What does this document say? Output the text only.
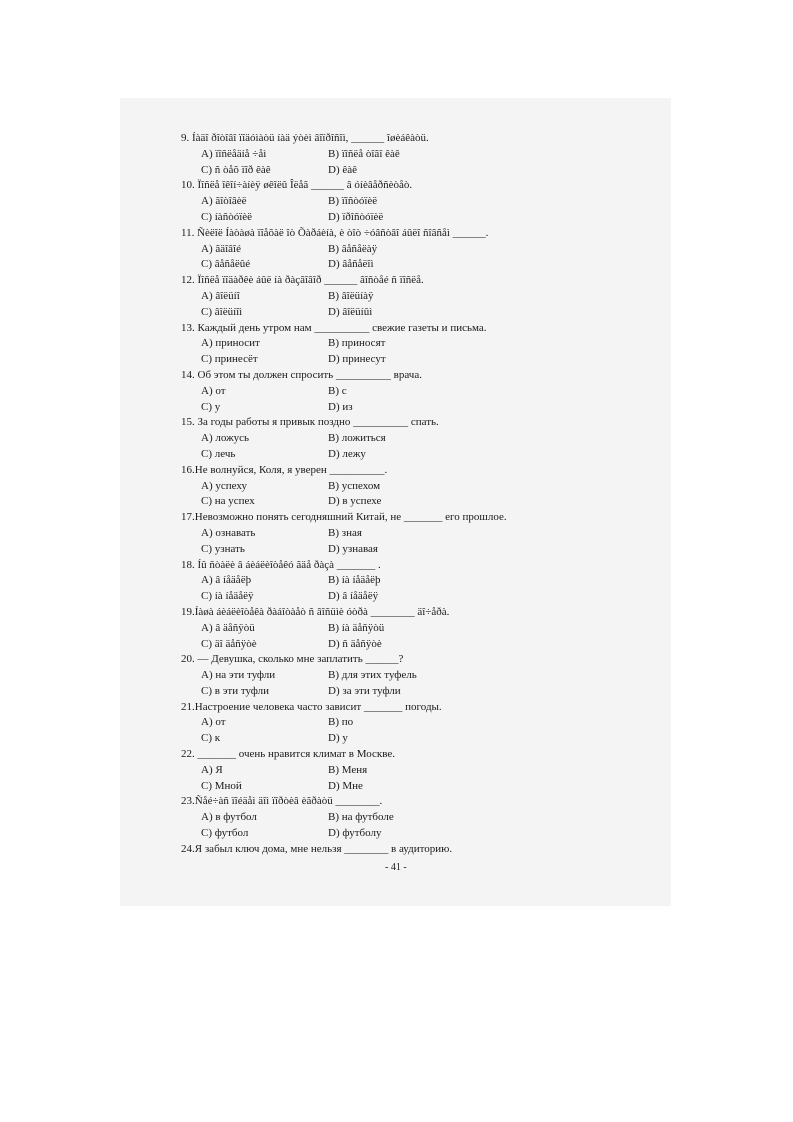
9. Íàäî ðîòîâî ïîäóìàòü íàä ýòèì âîïðîñîì, ______ îøèáêàòü.
A) ïîñëåäíå ÷åì	B) ïîñëå òîãî êàê
C) ñ òåõ ïîð êàê	D) êàê
10. Ïîñëå îêîí÷àíèÿ øêîëû Îëåã ______ â óíèâåðñèòåò.
A) ãîòîâèë	B) ïîñòóïèë
C) íàñòóïèë	D) ïðîñòóïèë
11. Ñèëîë Íàòàøà ïîåõàë îò Õàðáèíà, è òîò ÷óâñòâî áûëî ñîâñåì ______.
A) ãäîâîé	B) âåñåëàÿ
C) âåñåëûé	D) âåñåëîì
12. Ïîñëå ïîäàðêè áûë íà ðàçãîâîð ______ ãîñòåé ñ ïîñëå.
A) âîëüíî	B) âîëüíàÿ
C) âîëüíîì	D) âîëüíûì
13. Каждый день утром нам __________ свежие газеты и письма.
A) приносит	B) приносят
C) принесёт	D) принесут
14. Об этом ты должен спросить __________ врача.
A) от	B) с
C) у	D) из
15. За годы работы я привык поздно __________ спать.
A) ложусь	B) ложиться
C) лечь	D) лежу
16.Не волнуйся, Коля, я уверен __________.
A) успеху	B) успехом
C) на успех	D) в успехе
17.Невозможно понять сегодняшний Китай, не _______ его прошлое.
A) ознавать	B) зная
C) узнать	D) узнавая
18. Íû ñòàëè â áèáëèîòåêó ãäå ðàçà _______ .
A) â íåäåëþ	B) íà íåäåëþ
C) íà íåäåëÿ	D) â íåäåëÿ
19.Íàøà áèáëèîòåêà ðàáîòàåò ñ âîñüìè óòðà ________ äî÷åðà.
A) â äåñÿòü	B) íà äåñÿòü
C) äî äåñÿòè	D) ñ äåñÿòè
20. — Девушка, сколько мне заплатить ______?
A) на эти туфли	B) для этих туфель
C) в эти туфли	D) за эти туфли
21.Настроение человека часто зависит _______ погоды.
A) от	B) по
C) к	D) у
22. _______ очень нравится климат в Москве.
A) Я	B) Меня
C) Мной	D) Мне
23.Ñåé÷àñ ïîéäåì äîì ïîðòèâ èãðàòü ________.
A) в футбол	B) на футболе
C) футбол	D) футболу
24.Я забыл ключ дома, мне нельзя ________ в аудиторию.
- 41 -
